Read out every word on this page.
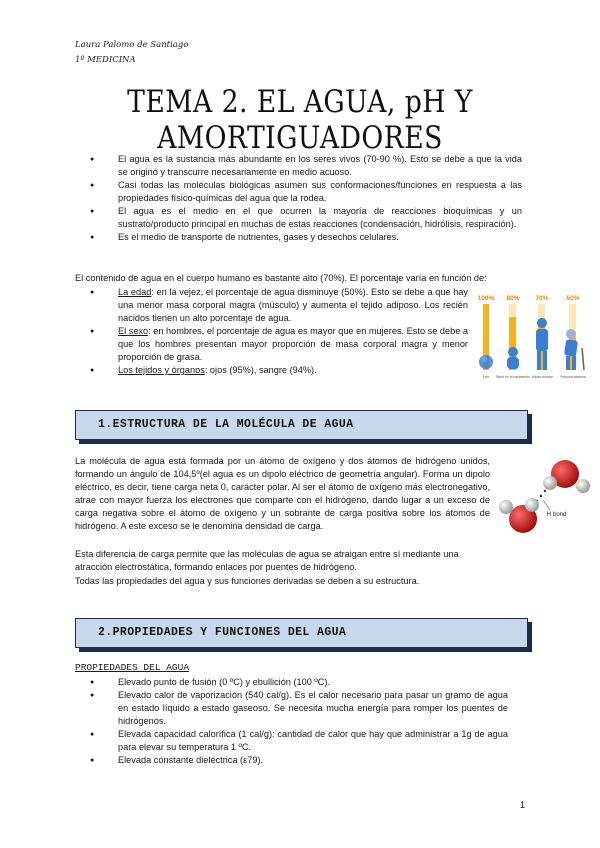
Laura Palomo de Santiago
1º MEDICINA
TEMA 2. EL AGUA, pH Y AMORTIGUADORES
● El agua es la sustancia más abundante en los seres vivos (70-90 %). Esto se debe a que la vida se originó y transcurre necesariamente en medio acuoso.
● Casi todas las moléculas biológicas asumen sus conformaciones/funciones en respuesta a las propiedades físico-químicas del agua que la rodea.
● El agua es el medio en el que ocurren la mayoría de reacciones bioquímicas y un sustrato/producto principal en muchas de estas reacciones (condensación, hidrólisis, respiración).
● Es el medio de transporte de nutrientes, gases y desechos celulares.
El contenido de agua en el cuerpo humano es bastante alto (70%). El porcentaje varía en función de:
● La edad: en la vejez, el porcentaje de agua disminuye (50%). Esto se debe a que hay una menor masa corporal magra (músculo) y aumenta el tejido adiposo. Los recién nacidos tienen un alto porcentaje de agua.
● El sexo: en hombres, el porcentaje de agua es mayor que en mujeres. Esto se debe a que los hombres presentan mayor proporción de masa corporal magra y menor proporción de grasa.
● Los tejidos y órganos: ojos (95%), sangre (94%).
100% 80% 70%	50%
Feto Bebé en el nacimiento Adulto normal Persona anciana
1.ESTRUCTURA DE LA MOLÉCULA DE AGUA
La molécula de agua está formada por un átomo de oxígeno y dos átomos de hidrógeno unidos, formando un ángulo de 104,5º(el agua es un dipolo eléctrico de geometría angular). Forma un dipolo eléctrico, es decir, tiene carga neta 0, carácter polar. Al ser el átomo de oxígeno más electronegativo, atrae con mayor fuerza los electrones que comparte con el hidrógeno, dando lugar a un exceso de carga negativa sobre el átomo de oxígeno y un sobrante de carga positiva sobre los átomos de hidrógeno. A este exceso se le denomina densidad de carga.
Esta diferencia de carga permite que las moléculas de agua se atraigan entre sí mediante una atracción electrostática, formando enlaces por puentes de hidrógeno.
Todas las propiedades del agua y sus funciones derivadas se deben a su estructura.
H bond
2.PROPIEDADES Y FUNCIONES DEL AGUA
PROPIEDADES DEL AGUA
● Elevado punto de fusión (0 ºC) y ebullición (100 ºC).
● Elevado calor de vaporización (540 cal/g). Es el calor necesario para pasar un gramo de agua en estado líquido a estado gaseoso. Se necesita mucha energía para romper los puentes de hidrógenos.
● Elevada capacidad calorífica (1 cal/g): cantidad de calor que hay que administrar a 1g de agua para elevar su temperatura 1 ºC.
● Elevada constante dieléctrica (ε79).
1
